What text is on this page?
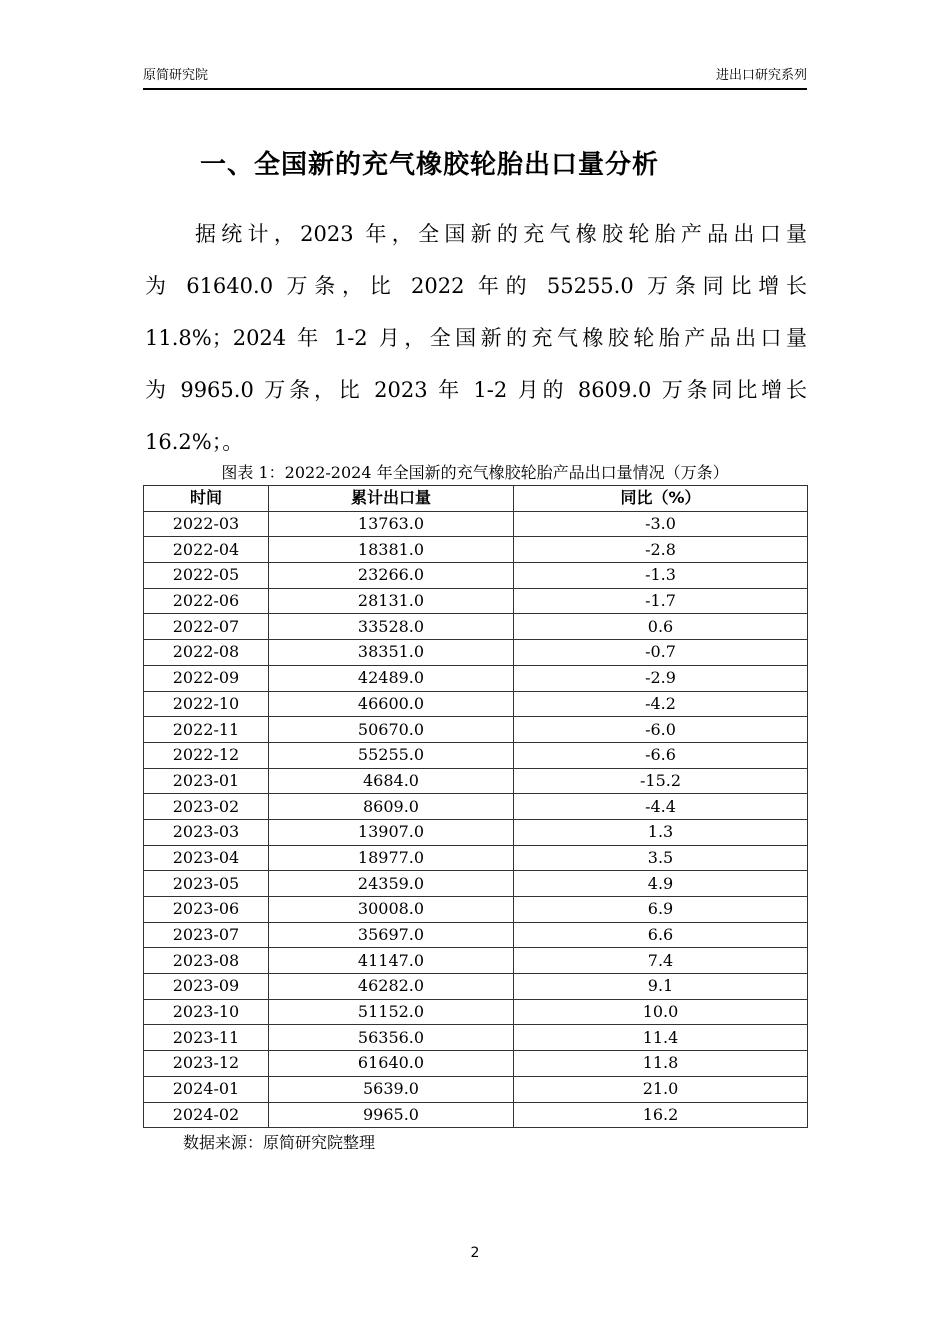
原简研究院	进出口研究系列
一、全国新的充气橡胶轮胎出口量分析
据统计，2023 年，全国新的充气橡胶轮胎产品出口量
为 61640.0 万条，比 2022 年的 55255.0 万条同比增长
11.8%；2024 年 1-2 月，全国新的充气橡胶轮胎产品出口量
为 9965.0 万条，比 2023 年 1-2 月的 8609.0 万条同比增长
16.2%；。
图表 1：2022-2024 年全国新的充气橡胶轮胎产品出口量情况（万条）
时间	累计出口量	同比（%）
2022-03	13763.0	-3.0
2022-04	18381.0	-2.8
2022-05	23266.0	-1.3
2022-06	28131.0	-1.7
2022-07	33528.0	0.6
2022-08	38351.0	-0.7
2022-09	42489.0	-2.9
2022-10	46600.0	-4.2
2022-11	50670.0	-6.0
2022-12	55255.0	-6.6
2023-01	4684.0	-15.2
2023-02	8609.0	-4.4
2023-03	13907.0	1.3
2023-04	18977.0	3.5
2023-05	24359.0	4.9
2023-06	30008.0	6.9
2023-07	35697.0	6.6
2023-08	41147.0	7.4
2023-09	46282.0	9.1
2023-10	51152.0	10.0
2023-11	56356.0	11.4
2023-12	61640.0	11.8
2024-01	5639.0	21.0
2024-02	9965.0	16.2
数据来源：原简研究院整理
2
